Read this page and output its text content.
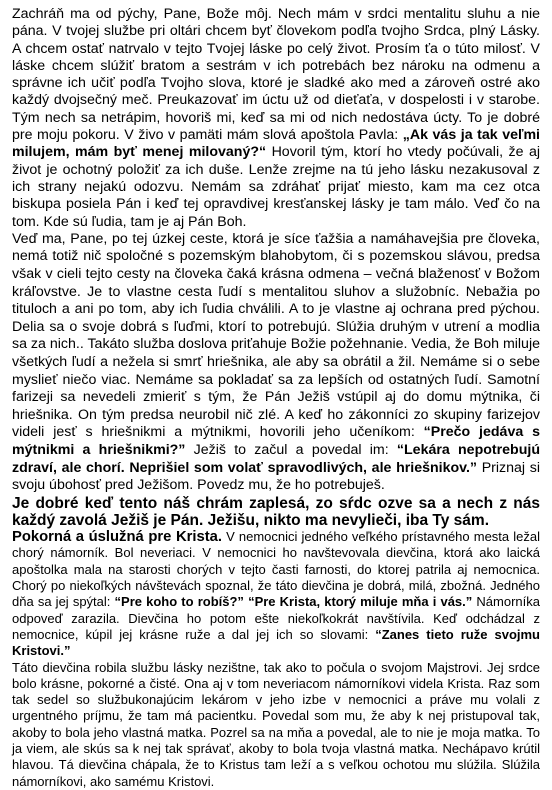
Zachráň ma od pýchy, Pane, Bože môj. Nech mám v srdci mentalitu sluhu a nie pána. V tvojej službe pri oltári chcem byť človekom podľa tvojho Srdca, plný Lásky. A chcem ostať natrvalo v tejto Tvojej láske po celý život. Prosím ťa o túto milosť. V láske chcem slúžiť bratom a sestrám v ich potrebách bez nároku na odmenu a správne ich učiť podľa Tvojho slova, ktoré je sladké ako med a zároveň ostré ako každý dvojsečný meč. Preukazovať im úctu už od dieťaťa, v dospelosti i v starobe. Tým nech sa netrápim, hovoriš mi, keď sa mi od nich nedostáva úcty. To je dobré pre moju pokoru. V živo v pamäti mám slová apoštola Pavla: „Ak vás ja tak veľmi milujem, mám byť menej milovaný?“ Hovoril tým, ktorí ho vtedy počúvali, že aj život je ochotný položiť za ich duše. Lenže zrejme na tú jeho lásku nezakusoval z ich strany nejakú odozvu. Nemám sa zdráhať prijať miesto, kam ma cez otca biskupa posiela Pán i keď tej opravdivej kresťanskej lásky je tam málo. Veď čo na tom. Kde sú ľudia, tam je aj Pán Boh.

Veď ma, Pane, po tej úzkej ceste, ktorá je síce ťažšia a namáhavejšia pre človeka, nemá totiž nič spoločné s pozemským blahobytom, či s pozemskou slávou, predsa však v cieli tejto cesty na človeka čaká krásna odmena – večná blaženosť v Božom kráľovstve. Je to vlastne cesta ľudí s mentalitou sluhov a služobníc. Nebažia po tituloch a ani po tom, aby ich ľudia chválili. A to je vlastne aj ochrana pred pýchou. Delia sa o svoje dobrá s ľuďmi, ktorí to potrebujú. Slúžia druhým v utrení a modlia sa za nich.. Takáto služba doslova priťahuje Božie požehnanie. Vedia, že Boh miluje všetkých ľudí a nežela si smrť hriešnika, ale aby sa obrátil a žil. Nemáme si o sebe myslieť niečo viac. Nemáme sa pokladať sa za lepších od ostatných ľudí. Samotní farizeji sa nevedeli zmieriť s tým, že Pán Ježiš vstúpil aj do domu mýtnika, či hriešnika. On tým predsa neurobil nič zlé. A keď ho zákonníci zo skupiny farizejov videli jesť s hriešnikmi a mýtnikmi, hovorili jeho učeníkom: “Prečo jedáva s mýtnikmi a hriešnikmi?” Ježiš to začul a povedal im: “Lekára nepotrebujú zdraví, ale chorí. Neprišiel som volať spravodlivých, ale hriešnikov.” Priznaj si svoju úbohosť pred Ježišom. Povedz mu, že ho potrebuješ.

Je dobré keď tento náš chrám zaplesá, zo sŕdc ozve sa a nech z nás každý zavolá Ježiš je Pán. Ježišu, nikto ma nevylieči, iba Ty sám.

Pokorná a úslužná pre Krista. V nemocnici jedného veľkého prístavného mesta ležal chorý námorník. Bol neveriaci. V nemocnici ho navštevovala dievčina, ktorá ako laická apoštolka mala na starosti chorých v tejto časti farnosti, do ktorej patrila aj nemocnica. Chorý po niekoľkých návštevách spoznal, že táto dievčina je dobrá, milá, zbožná. Jedného dňa sa jej spýtal: “Pre koho to robíš?” “Pre Krista, ktorý miluje mňa i vás.” Námorníka odpoveď zarazila. Dievčina ho potom ešte niekoľkokrát navštívila. Keď odchádzal z nemocnice, kúpil jej krásne ruže a dal jej ich so slovami: “Zanes tieto ruže svojmu Kristovi.”

Táto dievčina robila službu lásky nezištne, tak ako to počula o svojom Majstrovi. Jej srdce bolo krásne, pokorné a čisté. Ona aj v tom neveriacom námorníkovi videla Krista. Raz som tak sedel so službukonajúcim lekárom v jeho izbe v nemocnici a práve mu volali z urgentného príjmu, že tam má pacientku. Povedal som mu, že aby k nej pristupoval tak, akoby to bola jeho vlastná matka. Pozrel sa na mňa a povedal, ale to nie je moja matka. To ja viem, ale skús sa k nej tak správať, akoby to bola tvoja vlastná matka. Nechápavo krútil hlavou. Tá dievčina chápala, že to Kristus tam leží a s veľkou ochotou mu slúžila. Slúžila námorníkovi, ako samému Kristovi.
